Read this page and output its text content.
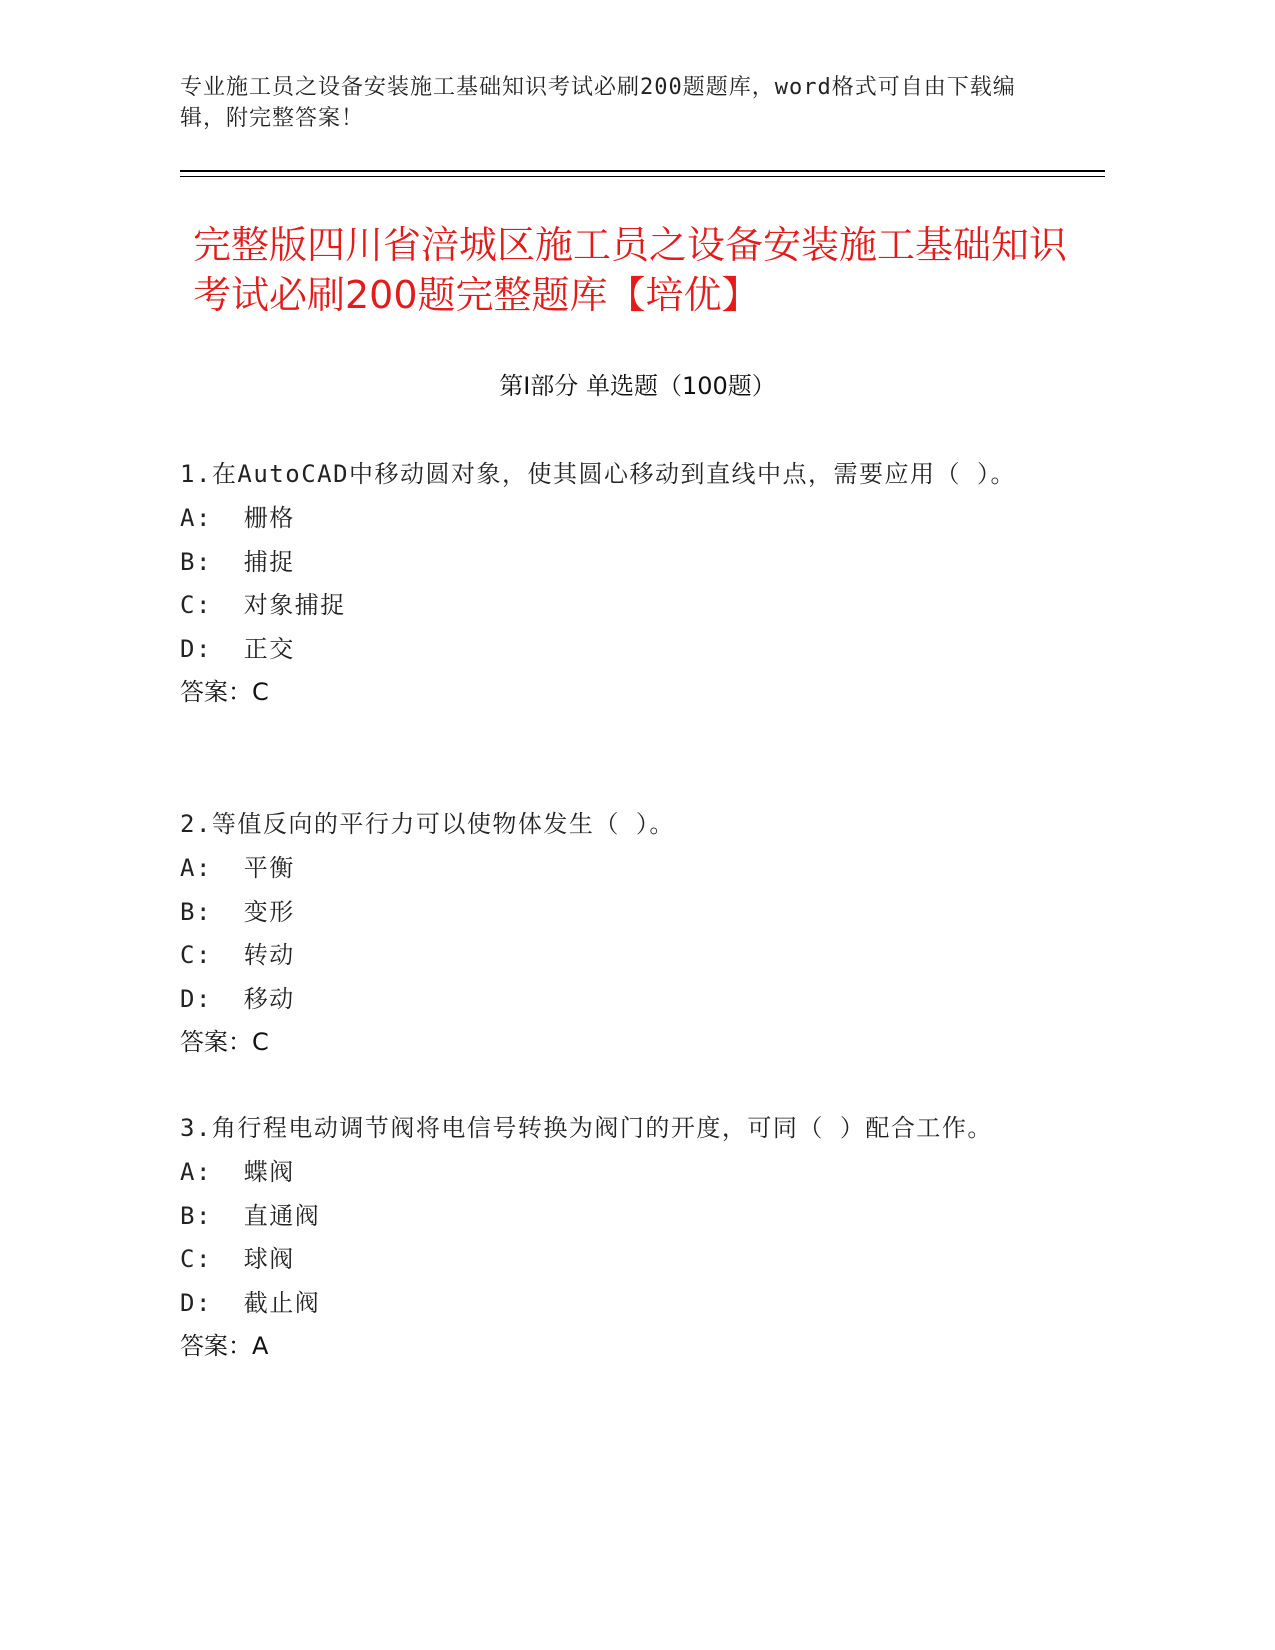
专业施工员之设备安装施工基础知识考试必刷200题题库，word格式可自由下载编辑，附完整答案！
完整版四川省涪城区施工员之设备安装施工基础知识考试必刷200题完整题库【培优】
第Ⅰ部分 单选题（100题）

1.在AutoCAD中移动圆对象，使其圆心移动到直线中点，需要应用（ ）。

A:  栅格

B:  捕捉

C:  对象捕捉

D:  正交

答案：C

2.等值反向的平行力可以使物体发生（ ）。

A:  平衡

B:  变形

C:  转动

D:  移动

答案：C

3.角行程电动调节阀将电信号转换为阀门的开度，可同（ ）配合工作。

A:  蝶阀

B:  直通阀

C:  球阀

D:  截止阀

答案：A
